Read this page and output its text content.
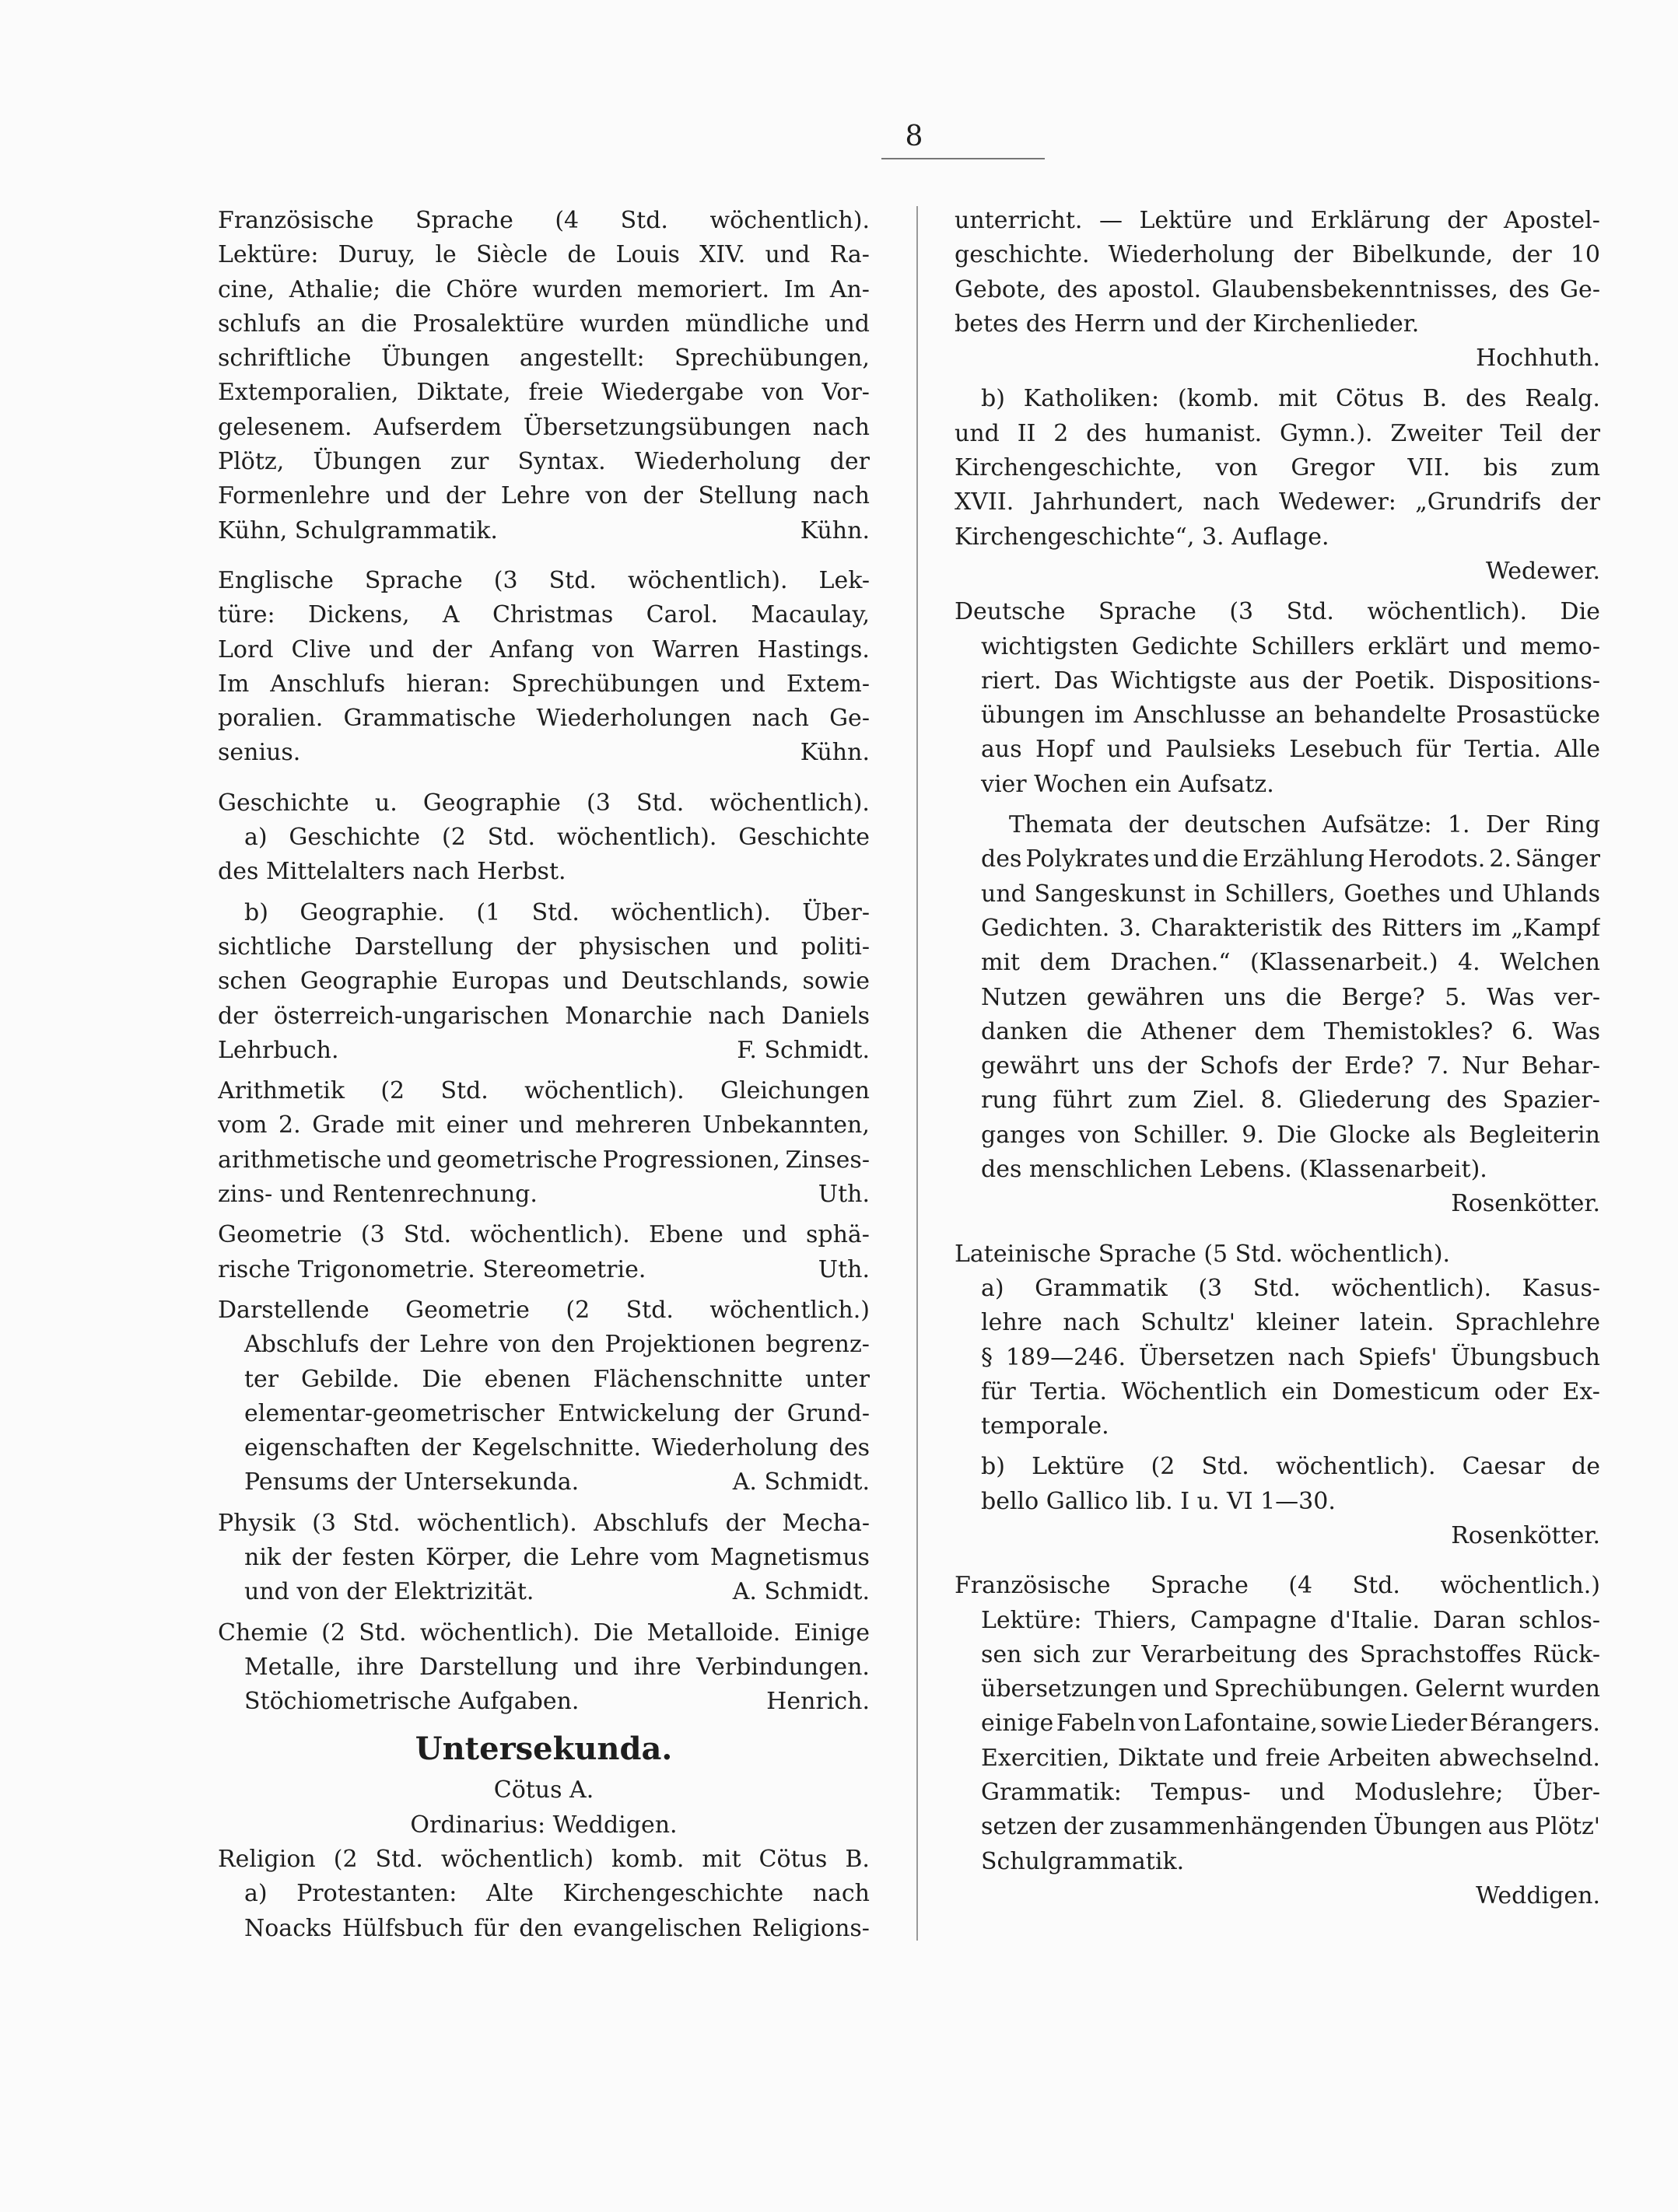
8
Französische Sprache (4 Std. wöchentlich).
Lektüre: Duruy, le Siècle de Louis XIV. und Ra-
cine, Athalie; die Chöre wurden memoriert. Im An-
schlufs an die Prosalektüre wurden mündliche und
schriftliche Übungen angestellt: Sprechübungen,
Extemporalien, Diktate, freie Wiedergabe von Vor-
gelesenem. Aufserdem Übersetzungsübungen nach
Plötz, Übungen zur Syntax. Wiederholung der
Formenlehre und der Lehre von der Stellung nach
Kühn, Schulgrammatik.	Kühn.
Englische Sprache (3 Std. wöchentlich). Lek-
türe: Dickens, A Christmas Carol. Macaulay,
Lord Clive und der Anfang von Warren Hastings.
Im Anschlufs hieran: Sprechübungen und Extem-
poralien. Grammatische Wiederholungen nach Ge-
senius.	Kühn.
Geschichte u. Geographie (3 Std. wöchentlich).
a) Geschichte (2 Std. wöchentlich). Geschichte
des Mittelalters nach Herbst.
b) Geographie. (1 Std. wöchentlich). Über-
sichtliche Darstellung der physischen und politi-
schen Geographie Europas und Deutschlands, sowie
der österreich-ungarischen Monarchie nach Daniels
Lehrbuch.	F. Schmidt.
Arithmetik (2 Std. wöchentlich). Gleichungen
vom 2. Grade mit einer und mehreren Unbekannten,
arithmetische und geometrische Progressionen, Zinses-
zins- und Rentenrechnung.	Uth.
Geometrie (3 Std. wöchentlich). Ebene und sphä-
rische Trigonometrie. Stereometrie.	Uth.
Darstellende Geometrie (2 Std. wöchentlich.)
Abschlufs der Lehre von den Projektionen begrenz-
ter Gebilde. Die ebenen Flächenschnitte unter
elementar-geometrischer Entwickelung der Grund-
eigenschaften der Kegelschnitte. Wiederholung des
Pensums der Untersekunda.	A. Schmidt.
Physik (3 Std. wöchentlich). Abschlufs der Mecha-
nik der festen Körper, die Lehre vom Magnetismus
und von der Elektrizität.	A. Schmidt.
Chemie (2 Std. wöchentlich). Die Metalloide. Einige
Metalle, ihre Darstellung und ihre Verbindungen.
Stöchiometrische Aufgaben.	Henrich.
Untersekunda.
Cötus A.
Ordinarius: Weddigen.
Religion (2 Std. wöchentlich) komb. mit Cötus B.
a) Protestanten: Alte Kirchengeschichte nach
Noacks Hülfsbuch für den evangelischen Religions-
unterricht. — Lektüre und Erklärung der Apostel-
geschichte. Wiederholung der Bibelkunde, der 10
Gebote, des apostol. Glaubensbekenntnisses, des Ge-
betes des Herrn und der Kirchenlieder.
Hochhuth.
b) Katholiken: (komb. mit Cötus B. des Realg.
und II 2 des humanist. Gymn.). Zweiter Teil der
Kirchengeschichte, von Gregor VII. bis zum
XVII. Jahrhundert, nach Wedewer: „Grundrifs der
Kirchengeschichte“, 3. Auflage.
Wedewer.
Deutsche Sprache (3 Std. wöchentlich). Die
wichtigsten Gedichte Schillers erklärt und memo-
riert. Das Wichtigste aus der Poetik. Dispositions-
übungen im Anschlusse an behandelte Prosastücke
aus Hopf und Paulsieks Lesebuch für Tertia. Alle
vier Wochen ein Aufsatz.
Themata der deutschen Aufsätze: 1. Der Ring
des Polykrates und die Erzählung Herodots. 2. Sänger
und Sangeskunst in Schillers, Goethes und Uhlands
Gedichten. 3. Charakteristik des Ritters im „Kampf
mit dem Drachen.“ (Klassenarbeit.) 4. Welchen
Nutzen gewähren uns die Berge? 5. Was ver-
danken die Athener dem Themistokles? 6. Was
gewährt uns der Schofs der Erde? 7. Nur Behar-
rung führt zum Ziel. 8. Gliederung des Spazier-
ganges von Schiller. 9. Die Glocke als Begleiterin
des menschlichen Lebens. (Klassenarbeit).
Rosenkötter.
Lateinische Sprache (5 Std. wöchentlich).
a) Grammatik (3 Std. wöchentlich). Kasus-
lehre nach Schultz' kleiner latein. Sprachlehre
§ 189—246. Übersetzen nach Spiefs' Übungsbuch
für Tertia. Wöchentlich ein Domesticum oder Ex-
temporale.
b) Lektüre (2 Std. wöchentlich). Caesar de
bello Gallico lib. I u. VI 1—30.
Rosenkötter.
Französische Sprache (4 Std. wöchentlich.)
Lektüre: Thiers, Campagne d'Italie. Daran schlos-
sen sich zur Verarbeitung des Sprachstoffes Rück-
übersetzungen und Sprechübungen. Gelernt wurden
einige Fabeln von Lafontaine, sowie Lieder Bérangers.
Exercitien, Diktate und freie Arbeiten abwechselnd.
Grammatik: Tempus- und Moduslehre; Über-
setzen der zusammenhängenden Übungen aus Plötz'
Schulgrammatik.
Weddigen.
